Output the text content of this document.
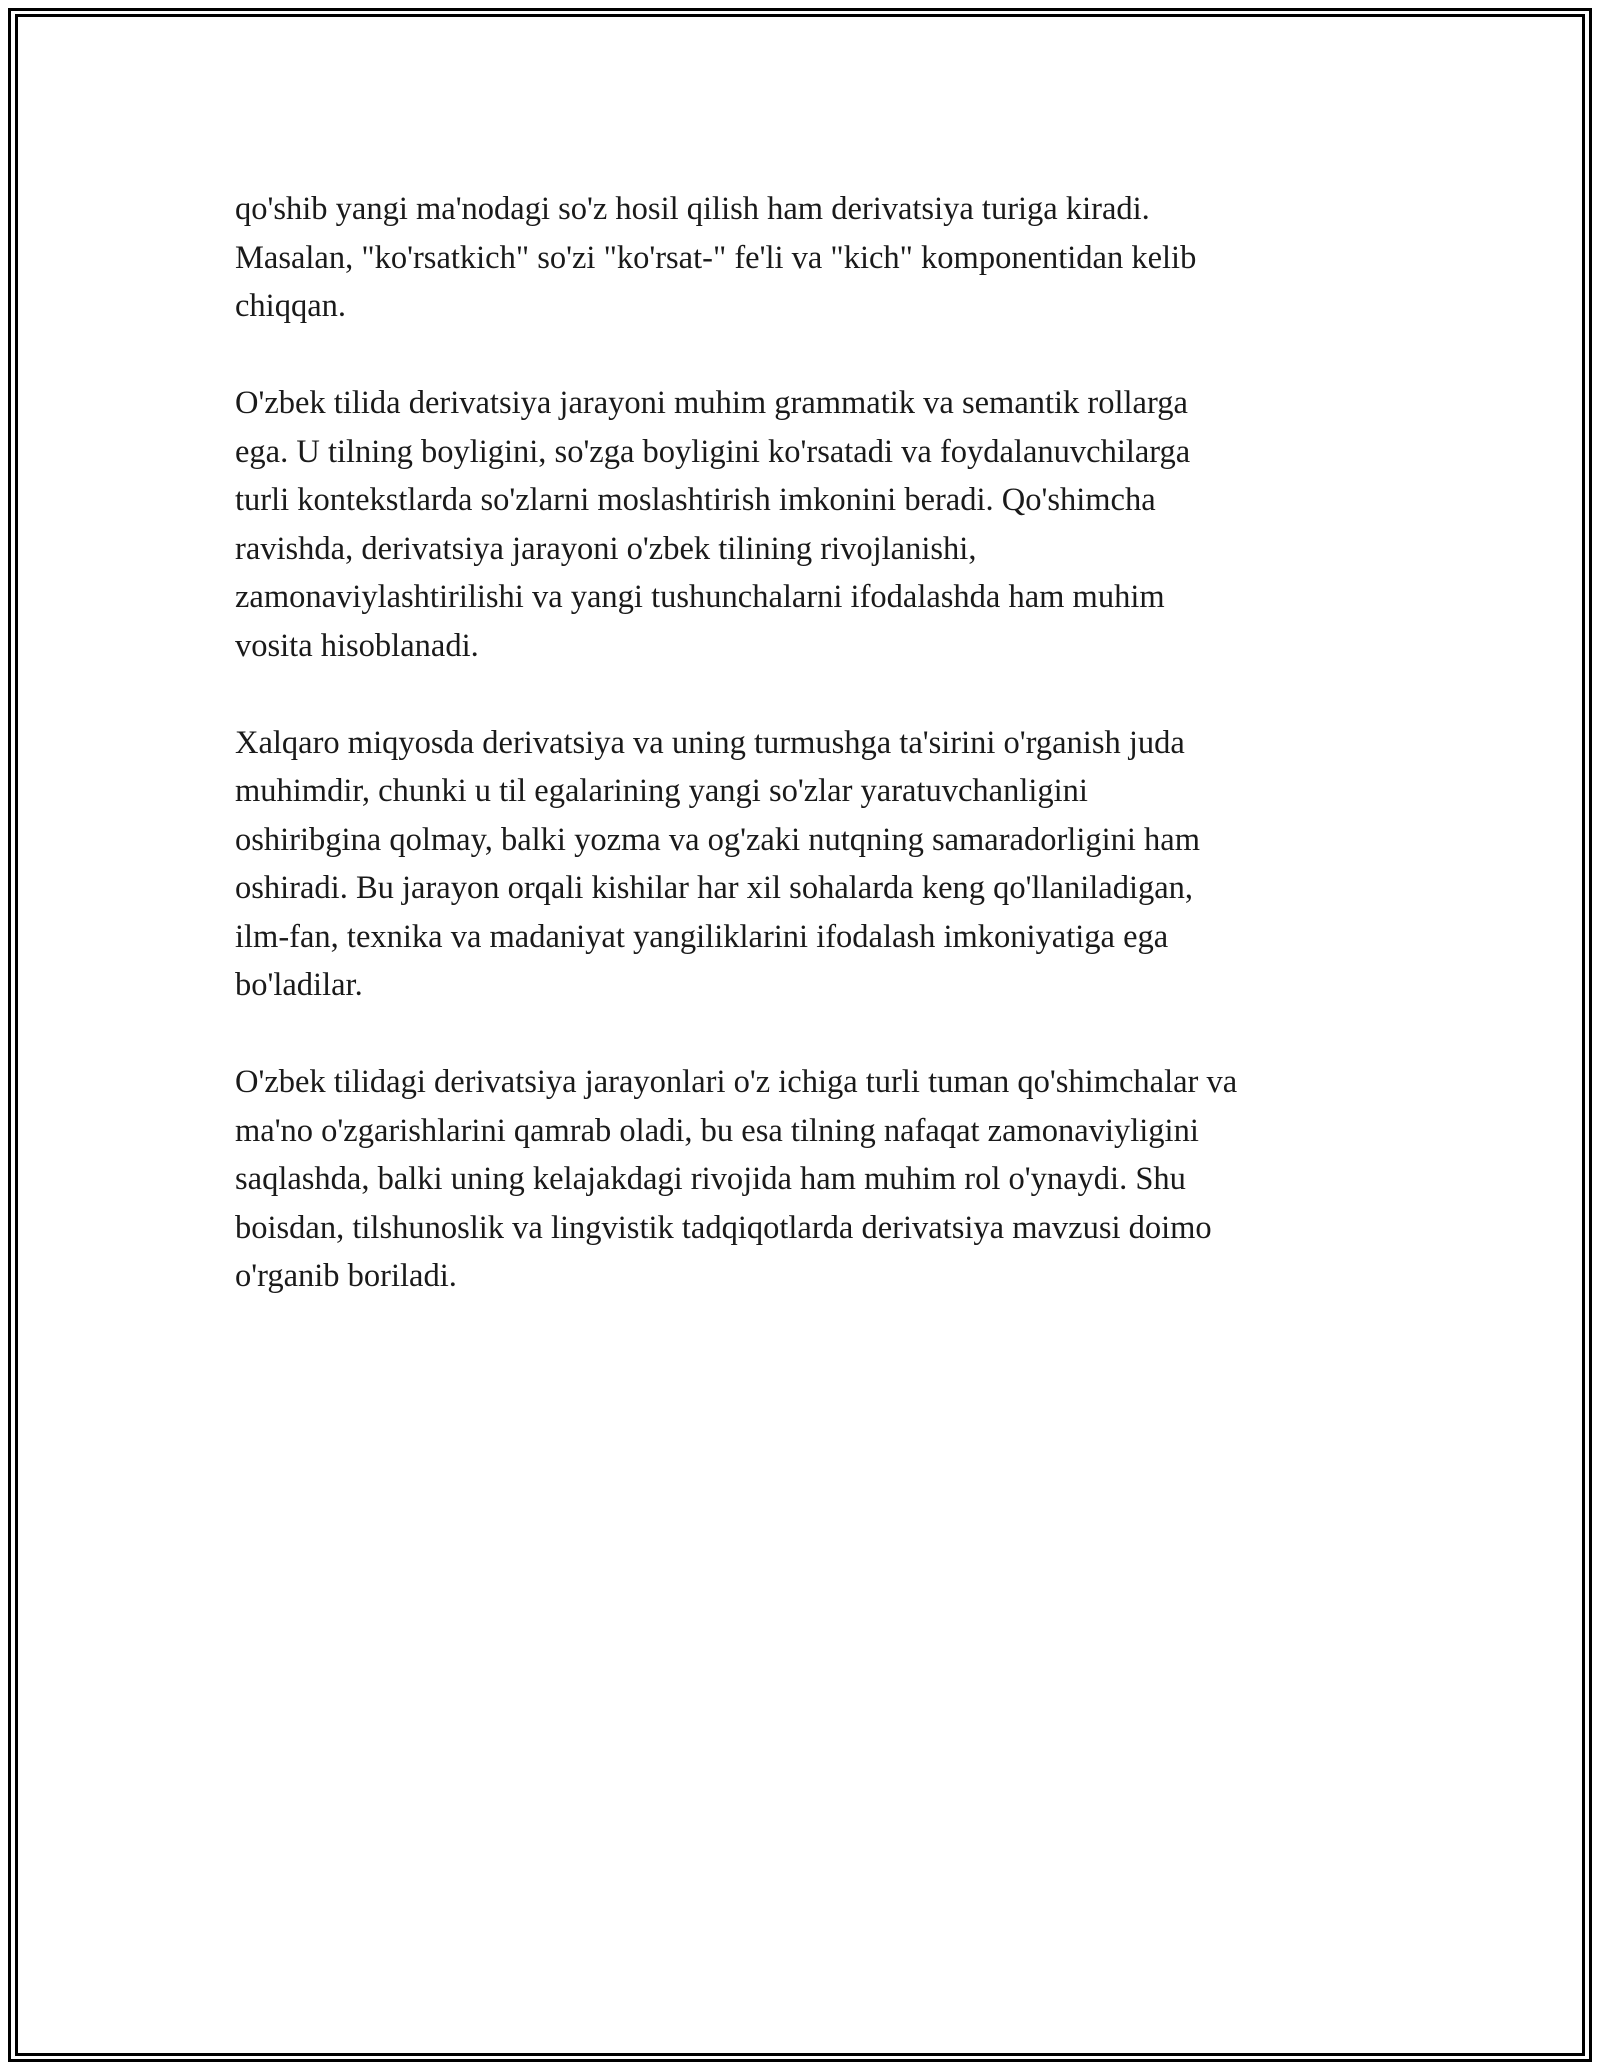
qo'shib yangi ma'nodagi so'z hosil qilish ham derivatsiya turiga kiradi.
Masalan, "ko'rsatkich" so'zi "ko'rsat-" fe'li va "kich" komponentidan kelib
chiqqan.

O'zbek tilida derivatsiya jarayoni muhim grammatik va semantik rollarga
ega. U tilning boyligini, so'zga boyligini ko'rsatadi va foydalanuvchilarga
turli kontekstlarda so'zlarni moslashtirish imkonini beradi. Qo'shimcha
ravishda, derivatsiya jarayoni o'zbek tilining rivojlanishi,
zamonaviylashtirilishi va yangi tushunchalarni ifodalashda ham muhim
vosita hisoblanadi.

Xalqaro miqyosda derivatsiya va uning turmushga ta'sirini o'rganish juda
muhimdir, chunki u til egalarining yangi so'zlar yaratuvchanligini
oshiribgina qolmay, balki yozma va og'zaki nutqning samaradorligini ham
oshiradi. Bu jarayon orqali kishilar har xil sohalarda keng qo'llaniladigan,
ilm-fan, texnika va madaniyat yangiliklarini ifodalash imkoniyatiga ega
bo'ladilar.

O'zbek tilidagi derivatsiya jarayonlari o'z ichiga turli tuman qo'shimchalar va
ma'no o'zgarishlarini qamrab oladi, bu esa tilning nafaqat zamonaviyligini
saqlashda, balki uning kelajakdagi rivojida ham muhim rol o'ynaydi. Shu
boisdan, tilshunoslik va lingvistik tadqiqotlarda derivatsiya mavzusi doimo
o'rganib boriladi.
